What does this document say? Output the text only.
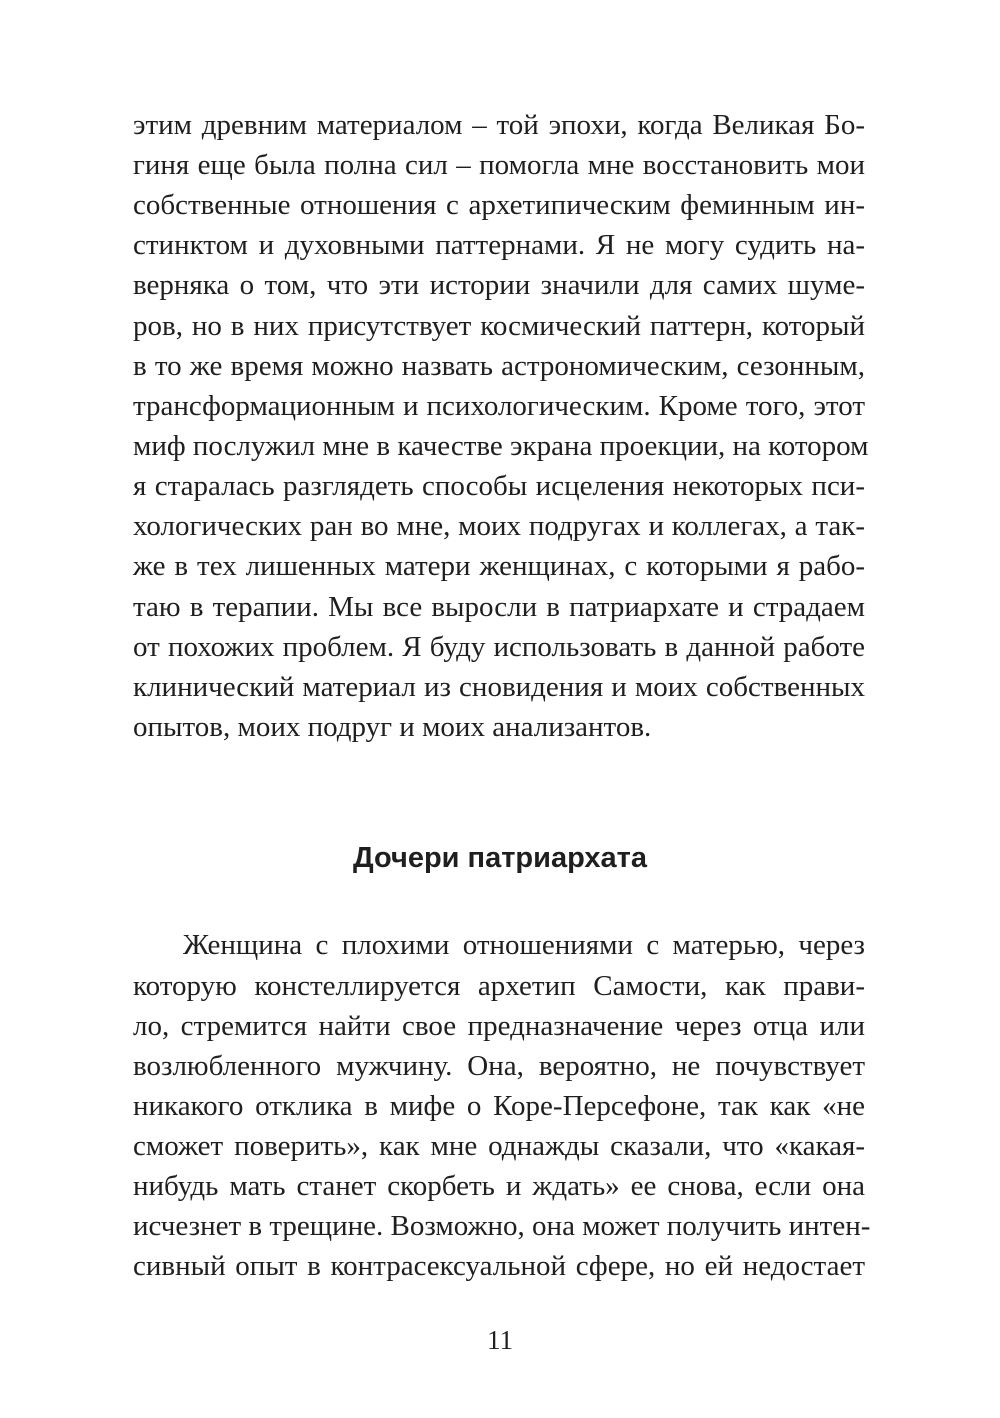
этим древним материалом – той эпохи, когда Великая Бо-
гиня еще была полна сил – помогла мне восстановить мои
собственные отношения с архетипическим феминным ин-
стинктом и духовными паттернами. Я не могу судить на-
верняка о том, что эти истории значили для самих шуме-
ров, но в них присутствует космический паттерн, который
в то же время можно назвать астрономическим, сезонным,
трансформационным и психологическим. Кроме того, этот
миф послужил мне в качестве экрана проекции, на котором
я старалась разглядеть способы исцеления некоторых пси-
хологических ран во мне, моих подругах и коллегах, а так-
же в тех лишенных матери женщинах, с которыми я рабо-
таю в терапии. Мы все выросли в патриархате и страдаем
от похожих проблем. Я буду использовать в данной работе
клинический материал из сновидения и моих собственных
опытов, моих подруг и моих анализантов.
Дочери патриархата
Женщина с плохими отношениями с матерью, через
которую констеллируется архетип Самости, как прави-
ло, стремится найти свое предназначение через отца или
возлюбленного мужчину. Она, вероятно, не почувствует
никакого отклика в мифе о Коре-Персефоне, так как «не
сможет поверить», как мне однажды сказали, что «какая-
нибудь мать станет скорбеть и ждать» ее снова, если она
исчезнет в трещине. Возможно, она может получить интен-
сивный опыт в контрасексуальной сфере, но ей недостает
11
